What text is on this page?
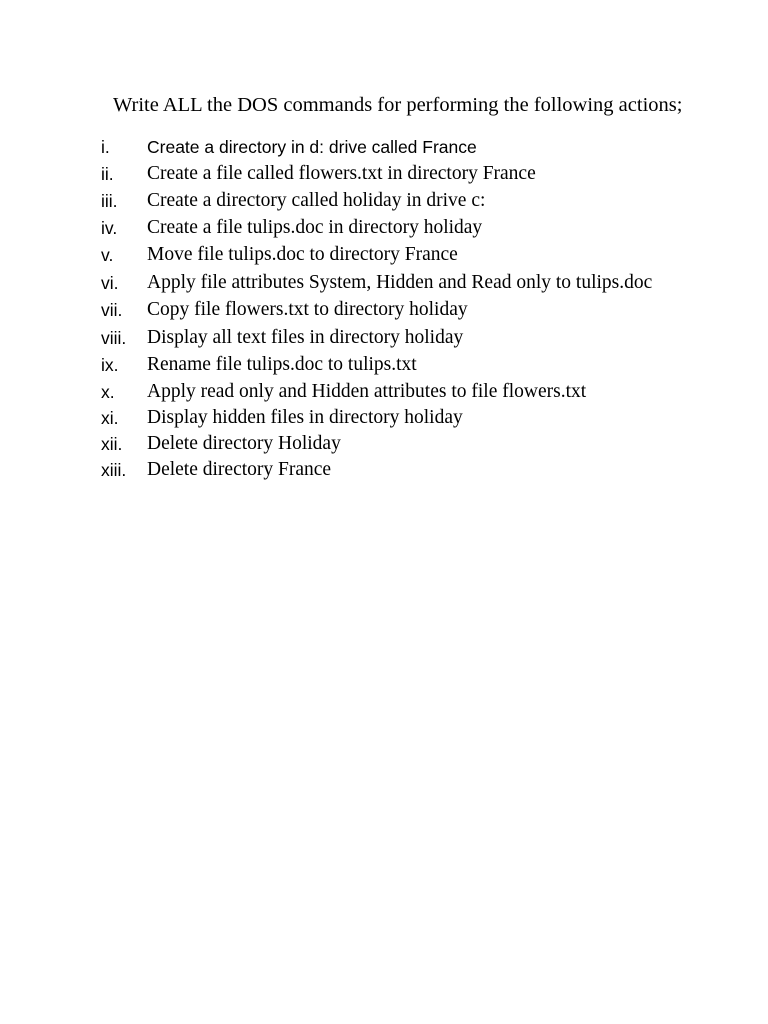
Write ALL the DOS commands for performing the following actions;

i. Create a directory in d: drive called France
ii. Create a file called flowers.txt in directory France
iii. Create a directory called holiday in drive c:
iv. Create a file tulips.doc in directory holiday
v. Move file tulips.doc to directory France
vi. Apply file attributes System, Hidden and Read only to tulips.doc
vii. Copy file flowers.txt to directory holiday
viii. Display all text files in directory holiday
ix. Rename file tulips.doc to tulips.txt
x. Apply read only and Hidden attributes to file flowers.txt
xi. Display hidden files in directory holiday
xii. Delete directory Holiday
xiii. Delete directory France
